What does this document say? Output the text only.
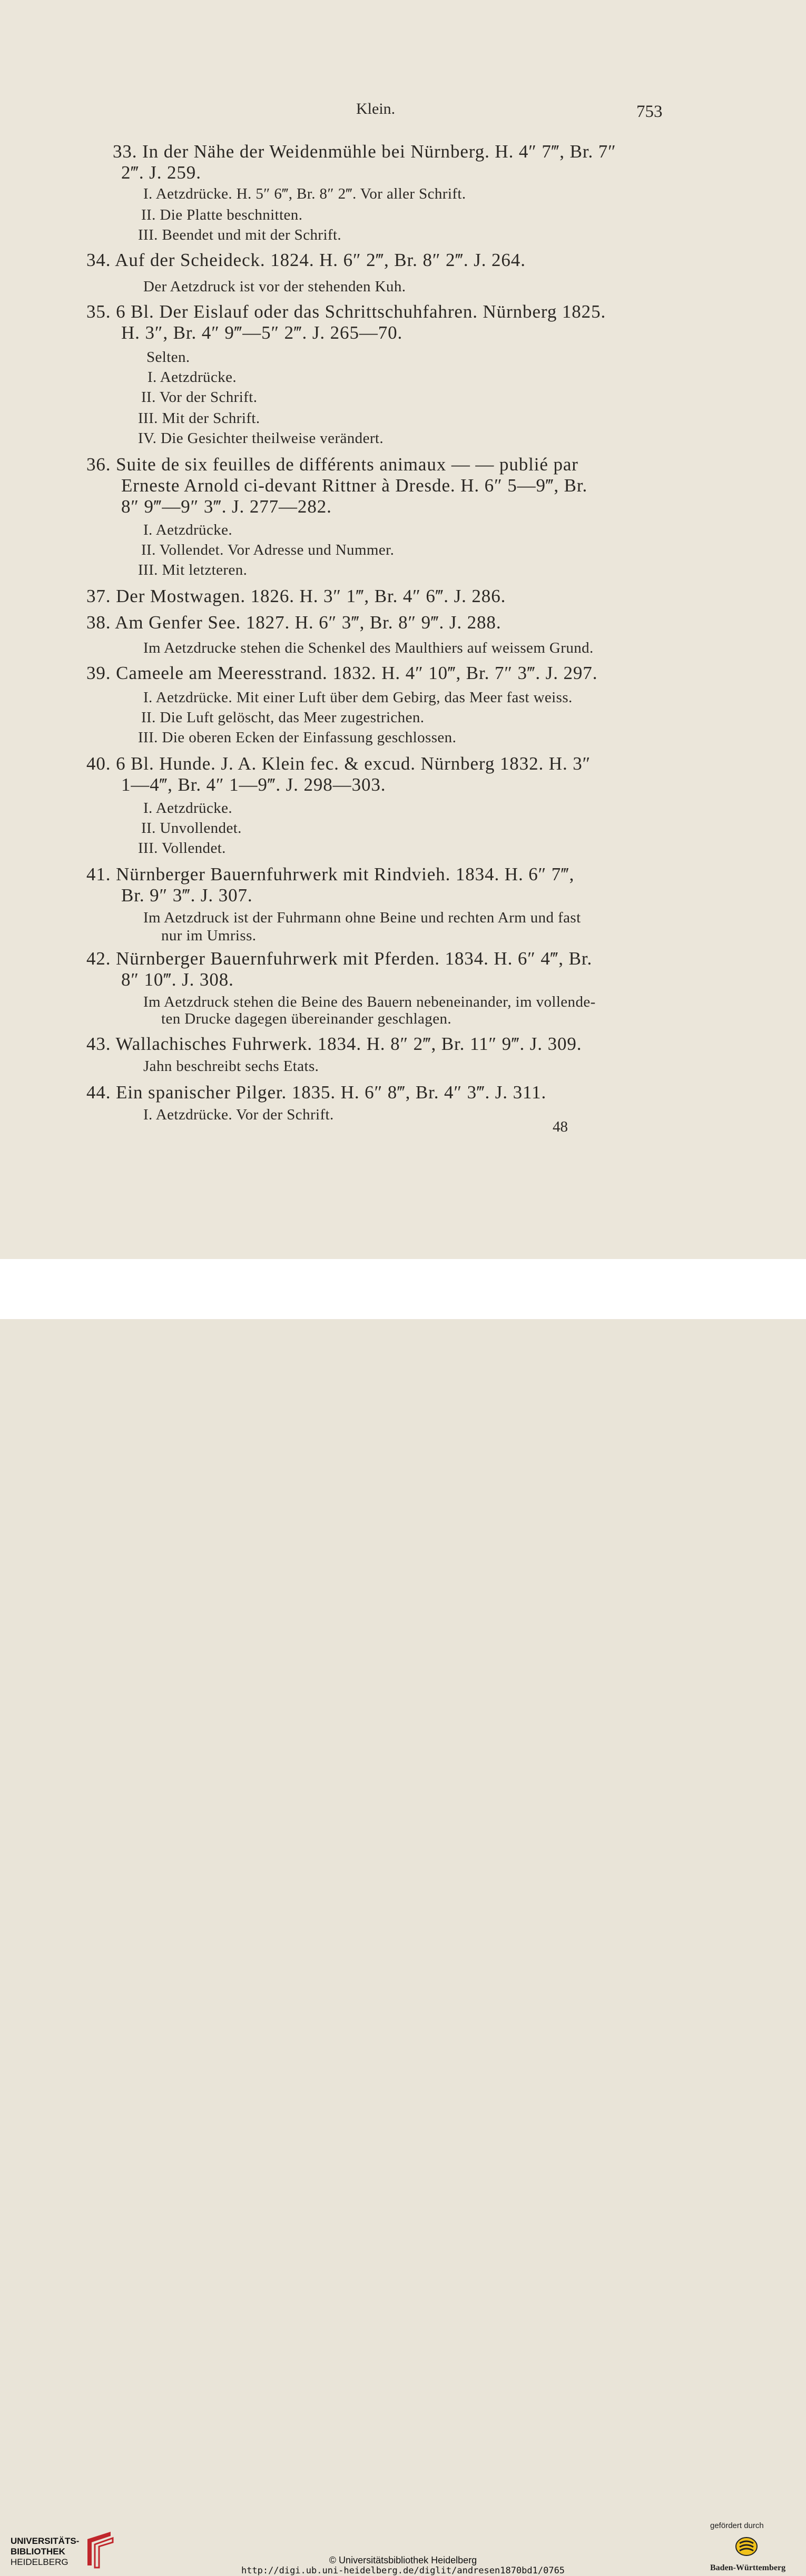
Klein.	753
33. In der Nähe der Weidenmühle bei Nürnberg. H. 4″ 7‴, Br. 7″
2‴. J. 259.
I. Aetzdrücke. H. 5″ 6‴, Br. 8″ 2‴. Vor aller Schrift.
II. Die Platte beschnitten.
III. Beendet und mit der Schrift.
34. Auf der Scheideck. 1824. H. 6″ 2‴, Br. 8″ 2‴. J. 264.
Der Aetzdruck ist vor der stehenden Kuh.
35. 6 Bl. Der Eislauf oder das Schrittschuhfahren. Nürnberg 1825.
H. 3″, Br. 4″ 9‴—5″ 2‴. J. 265—70.
Selten.
I. Aetzdrücke.
II. Vor der Schrift.
III. Mit der Schrift.
IV. Die Gesichter theilweise verändert.
36. Suite de six feuilles de différents animaux — — publié par
Erneste Arnold ci-devant Rittner à Dresde. H. 6″ 5—9‴, Br.
8″ 9‴—9″ 3‴. J. 277—282.
I. Aetzdrücke.
II. Vollendet. Vor Adresse und Nummer.
III. Mit letzteren.
37. Der Mostwagen. 1826. H. 3″ 1‴, Br. 4″ 6‴. J. 286.
38. Am Genfer See. 1827. H. 6″ 3‴, Br. 8″ 9‴. J. 288.
Im Aetzdrucke stehen die Schenkel des Maulthiers auf weissem Grund.
39. Cameele am Meeresstrand. 1832. H. 4″ 10‴, Br. 7″ 3‴. J. 297.
I. Aetzdrücke. Mit einer Luft über dem Gebirg, das Meer fast weiss.
II. Die Luft gelöscht, das Meer zugestrichen.
III. Die oberen Ecken der Einfassung geschlossen.
40. 6 Bl. Hunde. J. A. Klein fec. & excud. Nürnberg 1832. H. 3″
1—4‴, Br. 4″ 1—9‴. J. 298—303.
I. Aetzdrücke.
II. Unvollendet.
III. Vollendet.
41. Nürnberger Bauernfuhrwerk mit Rindvieh. 1834. H. 6″ 7‴,
Br. 9″ 3‴. J. 307.
Im Aetzdruck ist der Fuhrmann ohne Beine und rechten Arm und fast
nur im Umriss.
42. Nürnberger Bauernfuhrwerk mit Pferden. 1834. H. 6″ 4‴, Br.
8″ 10‴. J. 308.
Im Aetzdruck stehen die Beine des Bauern nebeneinander, im vollende-
ten Drucke dagegen übereinander geschlagen.
43. Wallachisches Fuhrwerk. 1834. H. 8″ 2‴, Br. 11″ 9‴. J. 309.
Jahn beschreibt sechs Etats.
44. Ein spanischer Pilger. 1835. H. 6″ 8‴, Br. 4″ 3‴. J. 311.
I. Aetzdrücke. Vor der Schrift.
48
UNIVERSITÄTS-
BIBLIOTHEK
HEIDELBERG	© Universitätsbibliothek Heidelberg
http://digi.ub.uni-heidelberg.de/diglit/andresen1870bd1/0765
gefördert durch
Baden-Württemberg
